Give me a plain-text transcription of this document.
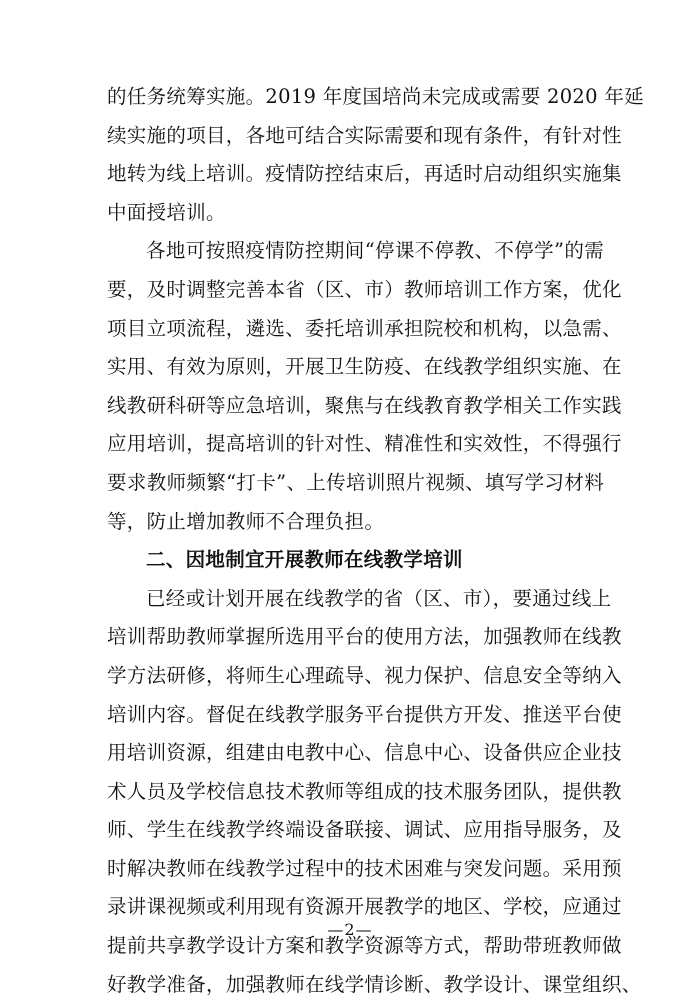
的任务统筹实施。2019 年度国培尚未完成或需要 2020 年延
续实施的项目，各地可结合实际需要和现有条件，有针对性
地转为线上培训。疫情防控结束后，再适时启动组织实施集
中面授培训。
各地可按照疫情防控期间“停课不停教、不停学”的需
要，及时调整完善本省（区、市）教师培训工作方案，优化
项目立项流程，遴选、委托培训承担院校和机构，以急需、
实用、有效为原则，开展卫生防疫、在线教学组织实施、在
线教研科研等应急培训，聚焦与在线教育教学相关工作实践
应用培训，提高培训的针对性、精准性和实效性，不得强行
要求教师频繁“打卡”、上传培训照片视频、填写学习材料
等，防止增加教师不合理负担。
二、因地制宜开展教师在线教学培训
已经或计划开展在线教学的省（区、市），要通过线上
培训帮助教师掌握所选用平台的使用方法，加强教师在线教
学方法研修，将师生心理疏导、视力保护、信息安全等纳入
培训内容。督促在线教学服务平台提供方开发、推送平台使
用培训资源，组建由电教中心、信息中心、设备供应企业技
术人员及学校信息技术教师等组成的技术服务团队，提供教
师、学生在线教学终端设备联接、调试、应用指导服务，及
时解决教师在线教学过程中的技术困难与突发问题。采用预
录讲课视频或利用现有资源开展教学的地区、学校，应通过
提前共享教学设计方案和教学资源等方式，帮助带班教师做
好教学准备，加强教师在线学情诊断、教学设计、课堂组织、
—2—
